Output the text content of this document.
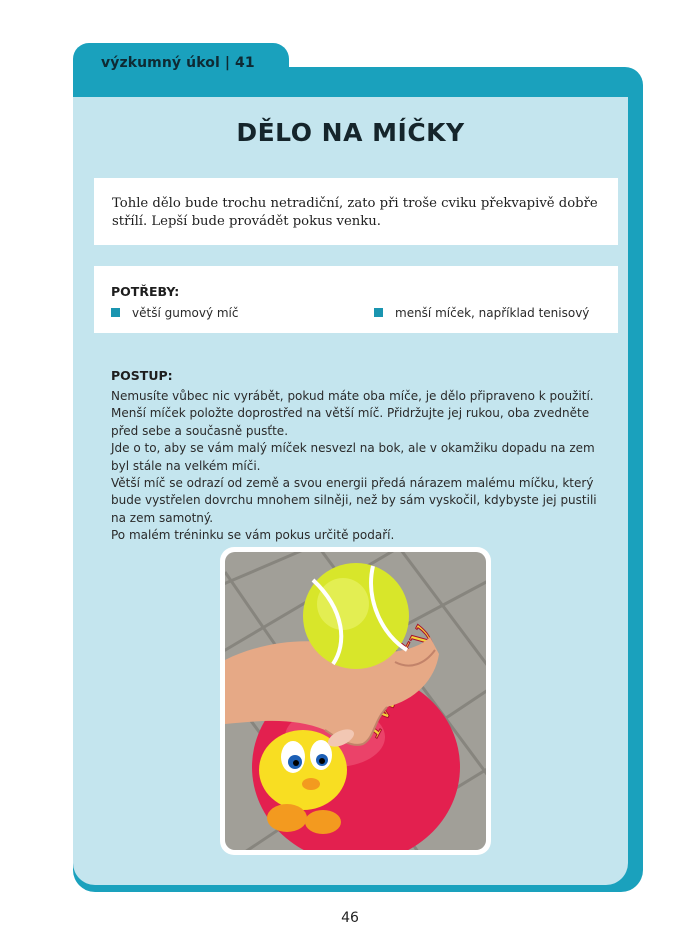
výzkumný úkol | 41
DĚLO NA MÍČKY
Tohle dělo bude trochu netradiční, zato při troše cviku překvapivě dobře střílí. Lepší bude provádět pokus venku.
POTŘEBY:
větší gumový míč	menší míček, například tenisový
POSTUP:

Nemusíte vůbec nic vyrábět, pokud máte oba míče, je dělo připraveno k použití. Menší míček položte doprostřed na větší míč. Přidržujte jej rukou, oba zvedněte před sebe a současně pusťte.

Jde o to, aby se vám malý míček nesvezl na bok, ale v okamžiku dopadu na zem byl stále na velkém míči.

Větší míč se odrazí od země a svou energii předá nárazem malému míčku, který bude vystřelen dovrchu mnohem silněji, než by sám vyskočil, kdybyste jej pustili na zem samotný.

Po malém tréninku se vám pokus určitě podaří.

46
